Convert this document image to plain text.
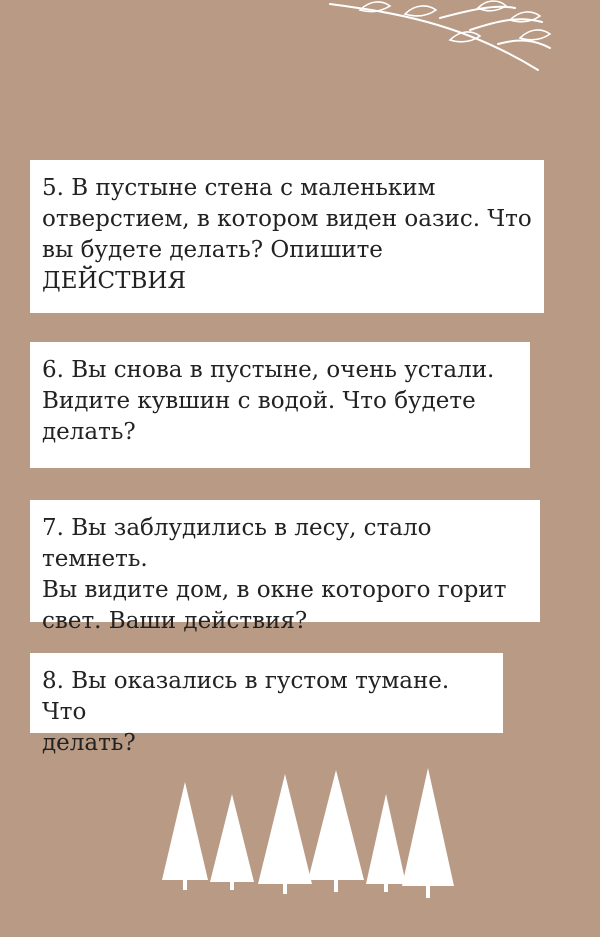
5. В пустыне стена с маленьким
отверстием, в котором виден оазис. Что
вы будете делать? Опишите
ДЕЙСТВИЯ

6. Вы снова в пустыне, очень устали.
Видите кувшин с водой. Что будете
делать?

7. Вы заблудились в лесу, стало темнеть.
Вы видите дом, в окне которого горит
свет. Ваши действия?

8. Вы оказались в густом тумане. Что
делать?
